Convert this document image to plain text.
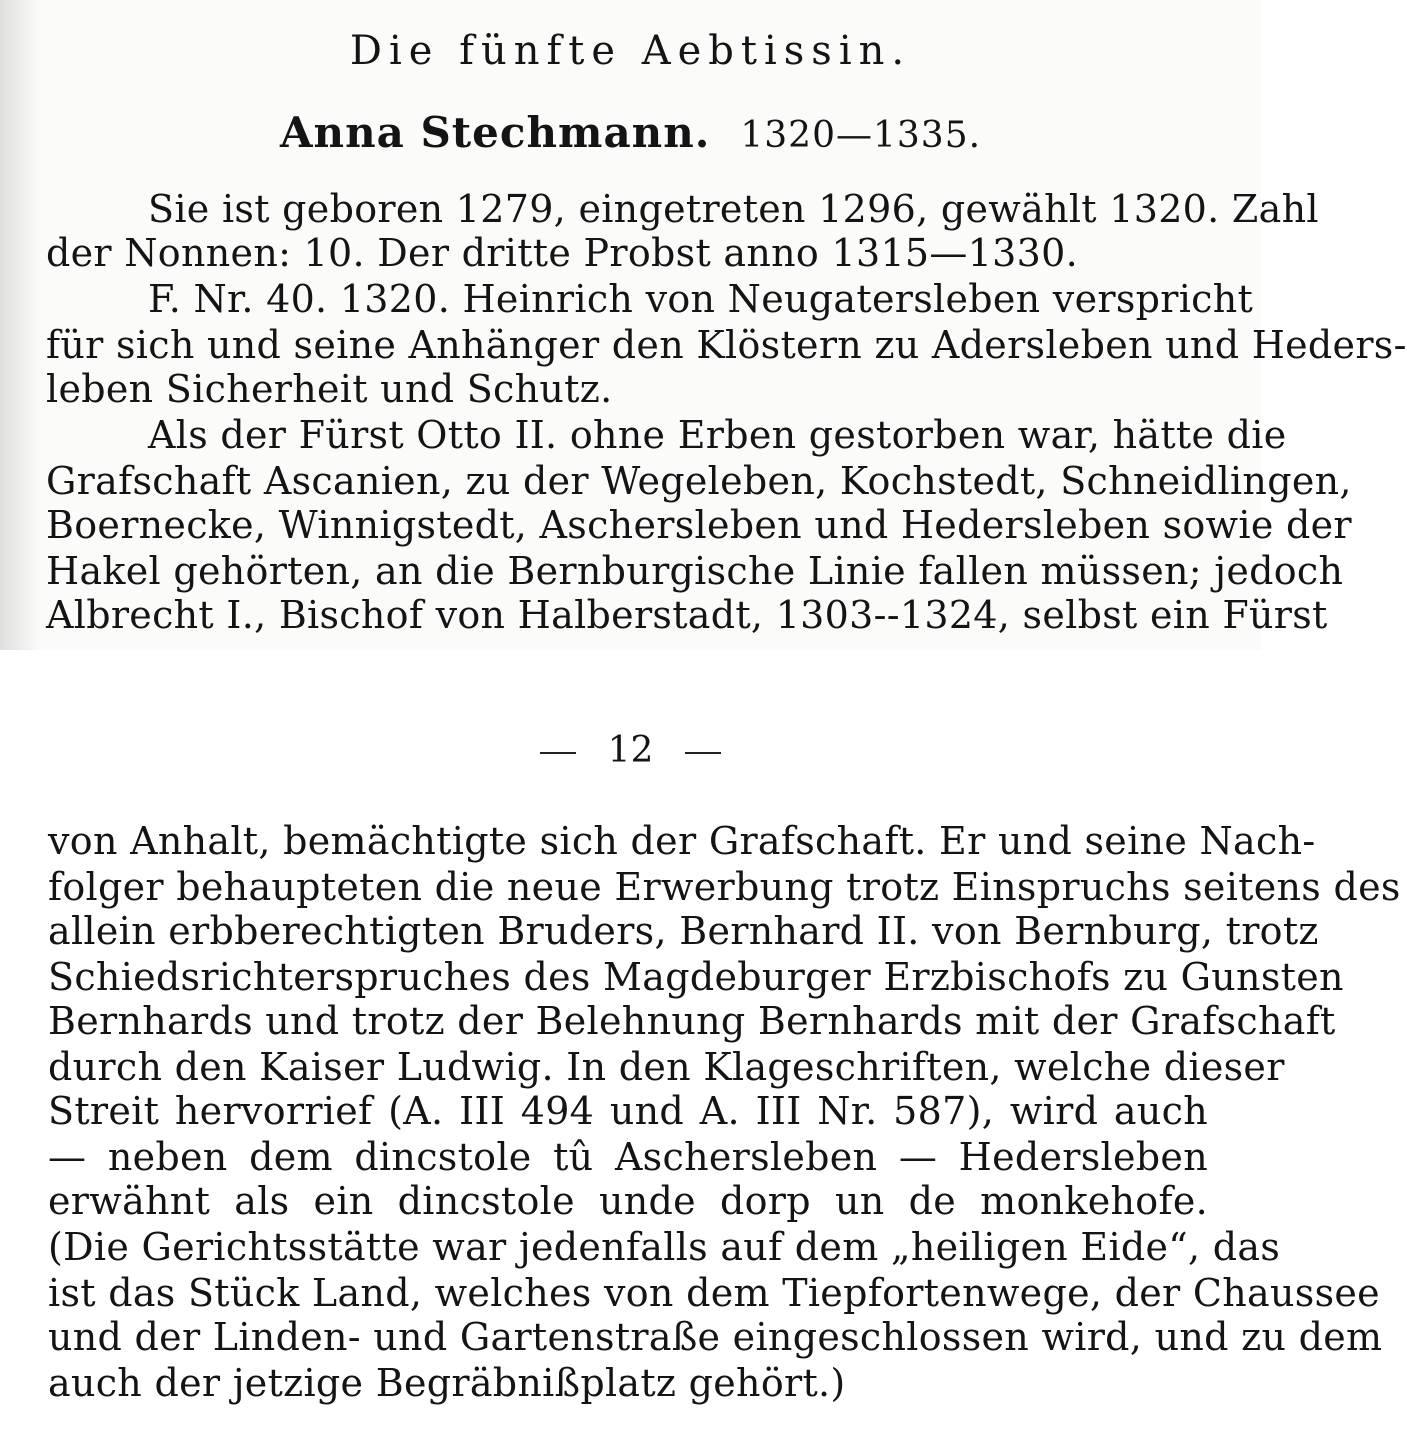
Die fünfte Aebtissin.
Anna Stechmann. 1320—1335.

Sie ist geboren 1279, eingetreten 1296, gewählt 1320. Zahl

der Nonnen: 10. Der dritte Probst anno 1315—1330.

F. Nr. 40. 1320. Heinrich von Neugatersleben verspricht

für sich und seine Anhänger den Klöstern zu Adersleben und Heders-

leben Sicherheit und Schutz.

Als der Fürst Otto II. ohne Erben gestorben war, hätte die

Grafschaft Ascanien, zu der Wegeleben, Kochstedt, Schneidlingen,

Boernecke, Winnigstedt, Aschersleben und Hedersleben sowie der

Hakel gehörten, an die Bernburgische Linie fallen müssen; jedoch

Albrecht I., Bischof von Halberstadt, 1303--1324, selbst ein Fürst

12

von Anhalt, bemächtigte sich der Grafschaft. Er und seine Nach-

folger behaupteten die neue Erwerbung trotz Einspruchs seitens des

allein erbberechtigten Bruders, Bernhard II. von Bernburg, trotz

Schiedsrichterspruches des Magdeburger Erzbischofs zu Gunsten

Bernhards und trotz der Belehnung Bernhards mit der Grafschaft

durch den Kaiser Ludwig. In den Klageschriften, welche dieser

Streit hervorrief (A. III 494 und A. III Nr. 587), wird auch

— neben dem dincstole tû Aschersleben — Hedersleben

erwähnt als ein dincstole unde dorp un de monkehofe.

(Die Gerichtsstätte war jedenfalls auf dem „heiligen Eide“, das

ist das Stück Land, welches von dem Tiepfortenwege, der Chaussee

und der Linden- und Gartenstraße eingeschlossen wird, und zu dem

auch der jetzige Begräbnißplatz gehört.)
